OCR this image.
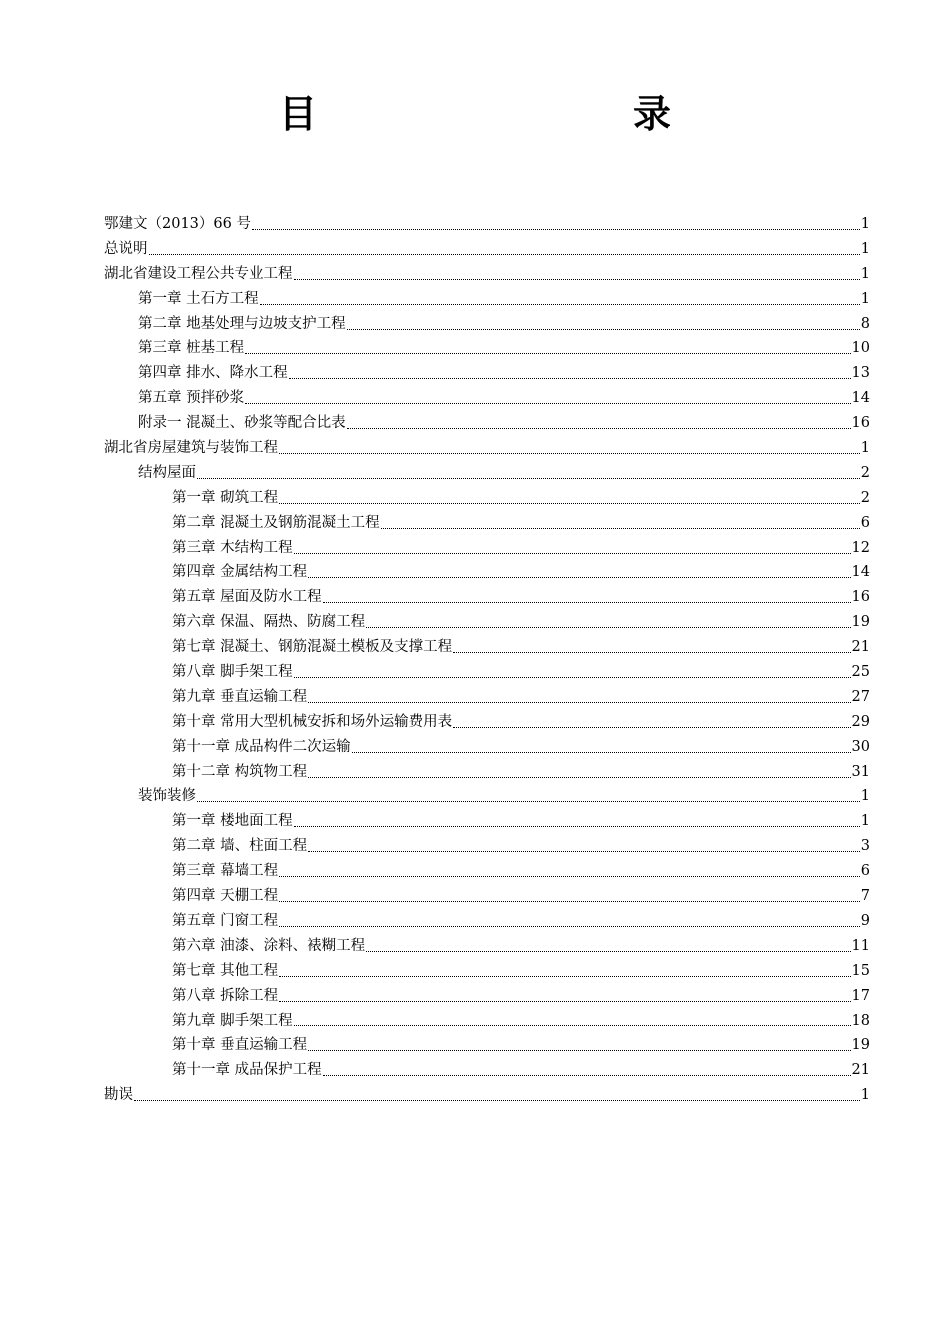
目　　录
鄂建文（2013）66 号	1
总说明	1
湖北省建设工程公共专业工程	1
第一章 土石方工程	1
第二章 地基处理与边坡支护工程	8
第三章 桩基工程	10
第四章 排水、降水工程	13
第五章 预拌砂浆	14
附录一 混凝土、砂浆等配合比表	16
湖北省房屋建筑与装饰工程	1
结构屋面	2
第一章 砌筑工程	2
第二章 混凝土及钢筋混凝土工程	6
第三章 木结构工程	12
第四章 金属结构工程	14
第五章 屋面及防水工程	16
第六章 保温、隔热、防腐工程	19
第七章 混凝土、钢筋混凝土模板及支撑工程	21
第八章 脚手架工程	25
第九章 垂直运输工程	27
第十章 常用大型机械安拆和场外运输费用表	29
第十一章 成品构件二次运输	30
第十二章 构筑物工程	31
装饰装修	1
第一章 楼地面工程	1
第二章 墙、柱面工程	3
第三章 幕墙工程	6
第四章 天棚工程	7
第五章 门窗工程	9
第六章 油漆、涂料、裱糊工程	11
第七章 其他工程	15
第八章 拆除工程	17
第九章 脚手架工程	18
第十章 垂直运输工程	19
第十一章 成品保护工程	21
勘误	1
